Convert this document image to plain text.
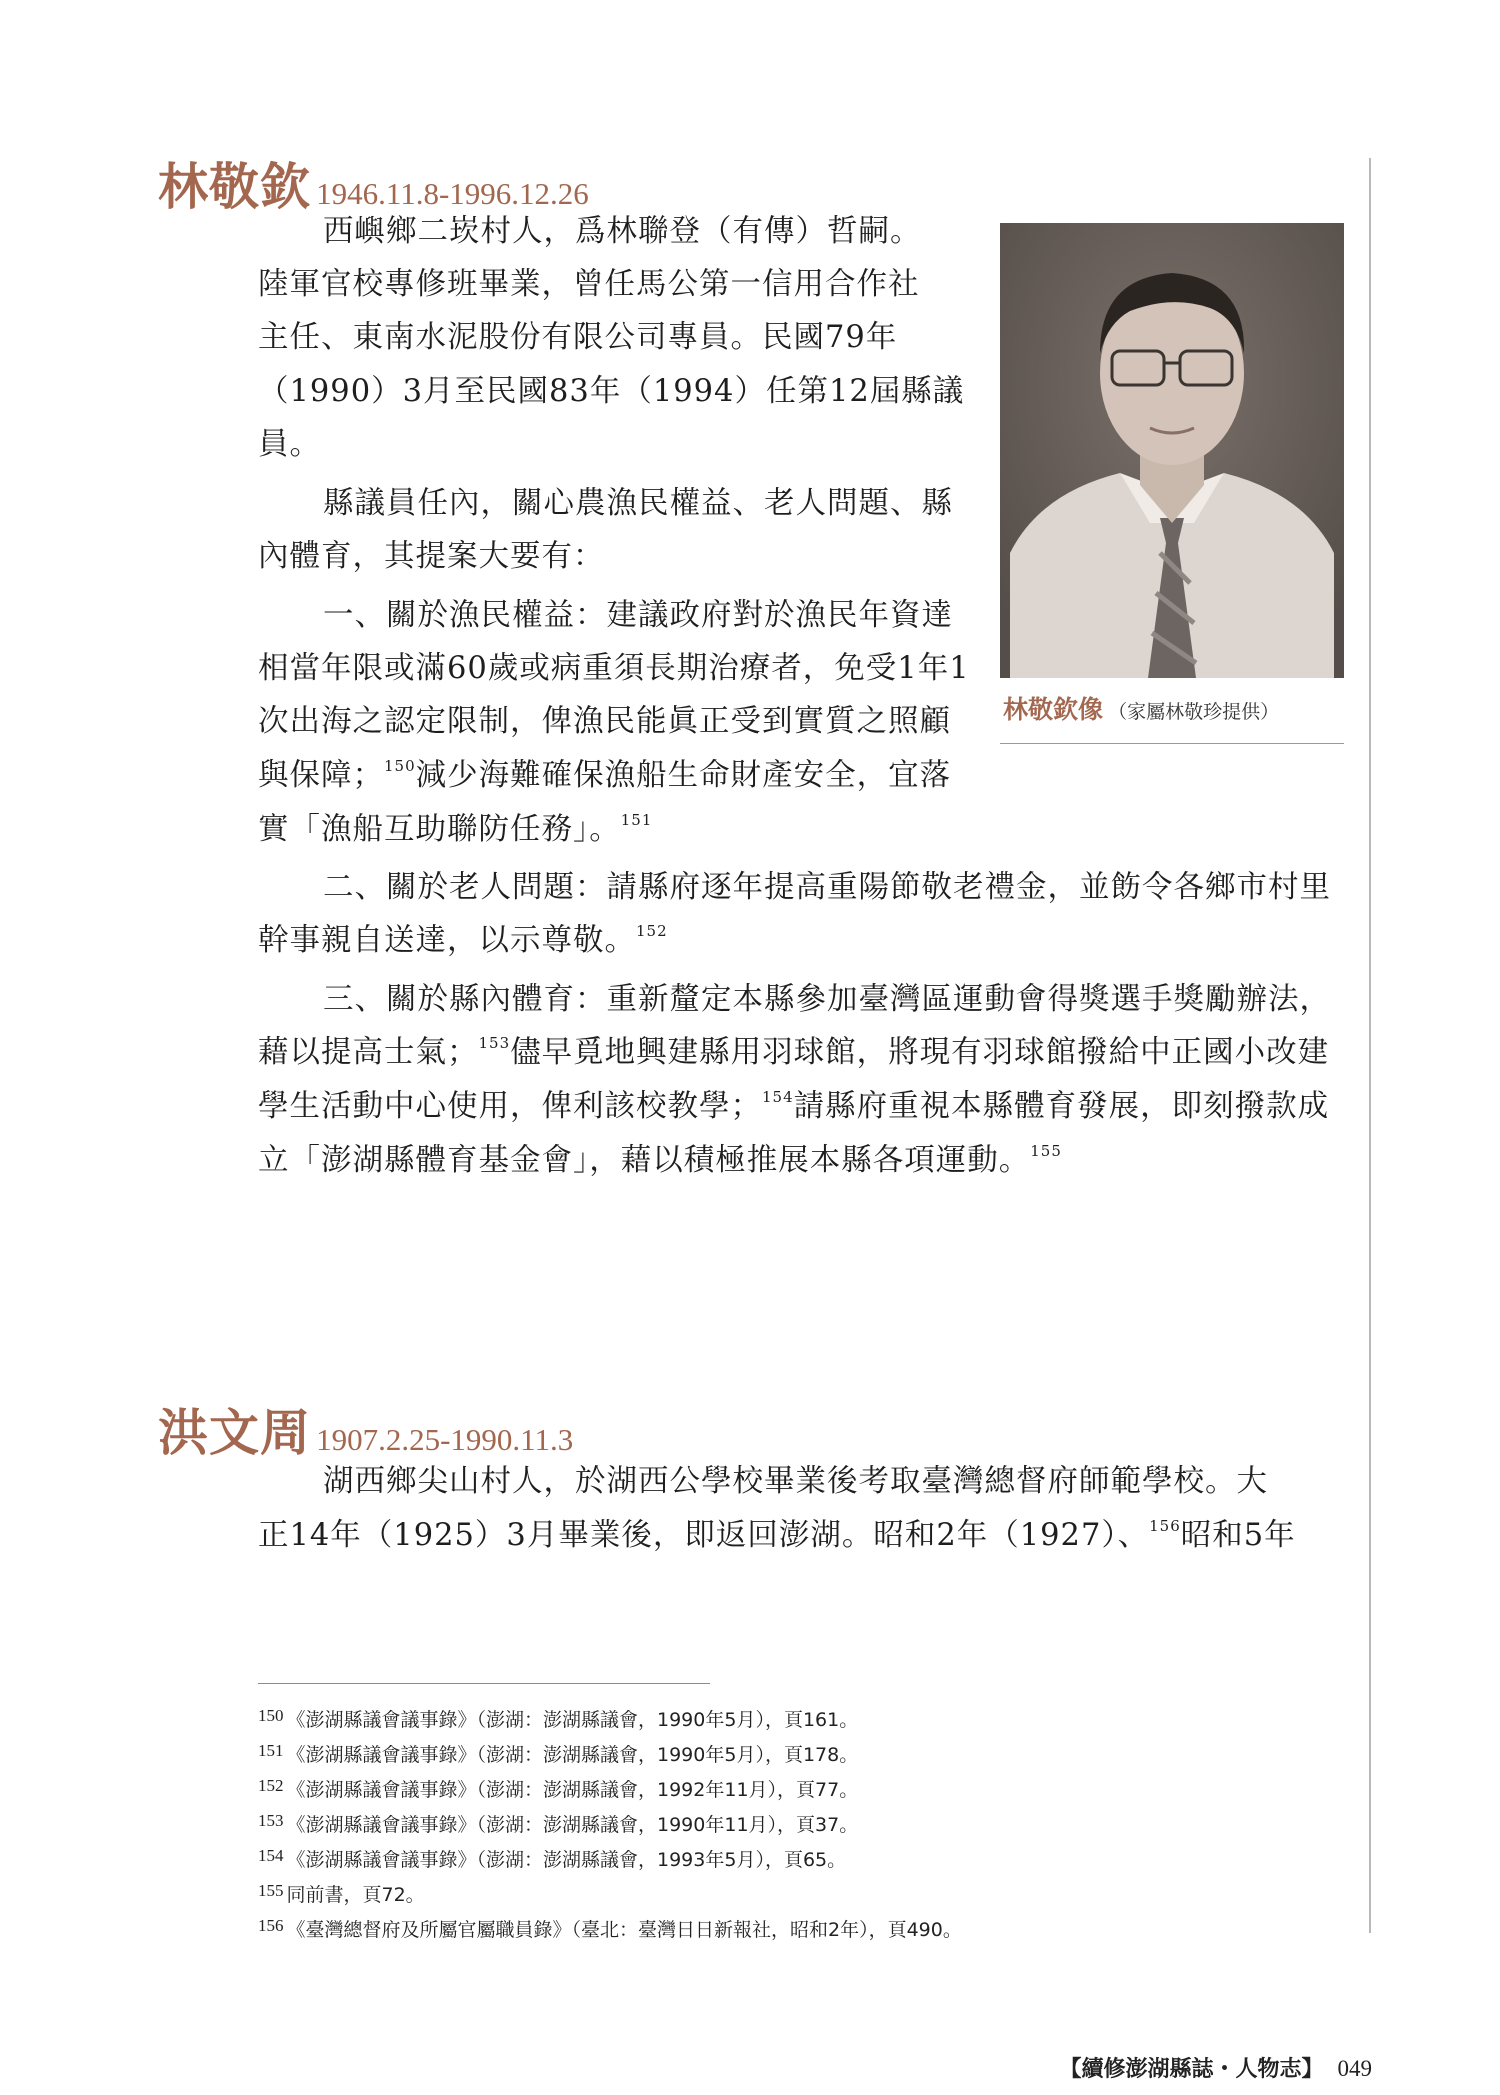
林敬欽 1946.11.8-1996.12.26
西嶼鄉二崁村人，爲林聯登（有傳）哲嗣。
陸軍官校專修班畢業，曾任馬公第一信用合作社
主任、東南水泥股份有限公司專員。民國79年
（1990）3月至民國83年（1994）任第12屆縣議
員。
縣議員任內，關心農漁民權益、老人問題、縣
內體育，其提案大要有：
一、關於漁民權益：建議政府對於漁民年資達
相當年限或滿60歲或病重須長期治療者，免受1年1
次出海之認定限制，俾漁民能眞正受到實質之照顧
與保障；$^{150}$減少海難確保漁船生命財產安全，宜落
實「漁船互助聯防任務」。$^{151}$
二、關於老人問題：請縣府逐年提高重陽節敬老禮金，並飭令各鄉市村里
幹事親自送達，以示尊敬。$^{152}$
三、關於縣內體育：重新釐定本縣參加臺灣區運動會得獎選手獎勵辦法，
藉以提高士氣；$^{153}$儘早覓地興建縣用羽球館，將現有羽球館撥給中正國小改建
學生活動中心使用，俾利該校教學；$^{154}$請縣府重視本縣體育發展，即刻撥款成
立「澎湖縣體育基金會」，藉以積極推展本縣各項運動。$^{155}$
林敬欽像 （家屬林敬珍提供）
洪文周 1907.2.25-1990.11.3
湖西鄉尖山村人，於湖西公學校畢業後考取臺灣總督府師範學校。大
正14年（1925）3月畢業後，即返回澎湖。昭和2年（1927）、$^{156}$昭和5年
150 《澎湖縣議會議事錄》（澎湖：澎湖縣議會，1990年5月），頁161。
151 《澎湖縣議會議事錄》（澎湖：澎湖縣議會，1990年5月），頁178。
152 《澎湖縣議會議事錄》（澎湖：澎湖縣議會，1992年11月），頁77。
153 《澎湖縣議會議事錄》（澎湖：澎湖縣議會，1990年11月），頁37。
154 《澎湖縣議會議事錄》（澎湖：澎湖縣議會，1993年5月），頁65。
155 同前書，頁72。
156 《臺灣總督府及所屬官屬職員錄》（臺北：臺灣日日新報社，昭和2年），頁490。
【續修澎湖縣誌・人物志】 049
